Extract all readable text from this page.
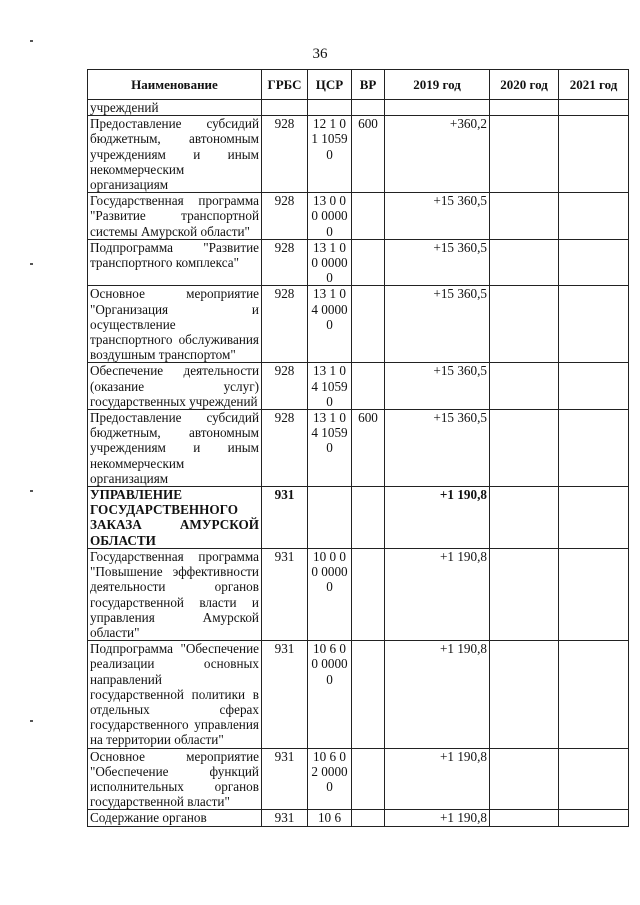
36
Наименование	ГРБС	ЦСР	ВР	2019 год	2020 год	2021 год
учреждений						
Предоставление субсидий бюджетным, автономным учреждениям и иным некоммерческим организациям	928	12 1 01 10590	600	+360,2		
Государственная программа "Развитие транспортной системы Амурской области"	928	13 0 00 00000		+15 360,5		
Подпрограмма "Развитие транспортного комплекса"	928	13 1 00 00000		+15 360,5		
Основное мероприятие "Организация и осуществление транспортного обслуживания воздушным транспортом"	928	13 1 04 00000		+15 360,5		
Обеспечение деятельности (оказание услуг) государственных учреждений	928	13 1 04 10590		+15 360,5		
Предоставление субсидий бюджетным, автономным учреждениям и иным некоммерческим организациям	928	13 1 04 10590	600	+15 360,5		
УПРАВЛЕНИЕ ГОСУДАРСТВЕННОГО ЗАКАЗА АМУРСКОЙ ОБЛАСТИ	931			+1 190,8		
Государственная программа "Повышение эффективности деятельности органов государственной власти и управления Амурской области"	931	10 0 00 00000		+1 190,8		
Подпрограмма "Обеспечение реализации основных направлений государственной политики в отдельных сферах государственного управления на территории области"	931	10 6 00 00000		+1 190,8		
Основное мероприятие "Обеспечение функций исполнительных органов государственной власти"	931	10 6 02 00000		+1 190,8		
Содержание органов	931	10 6		+1 190,8		
